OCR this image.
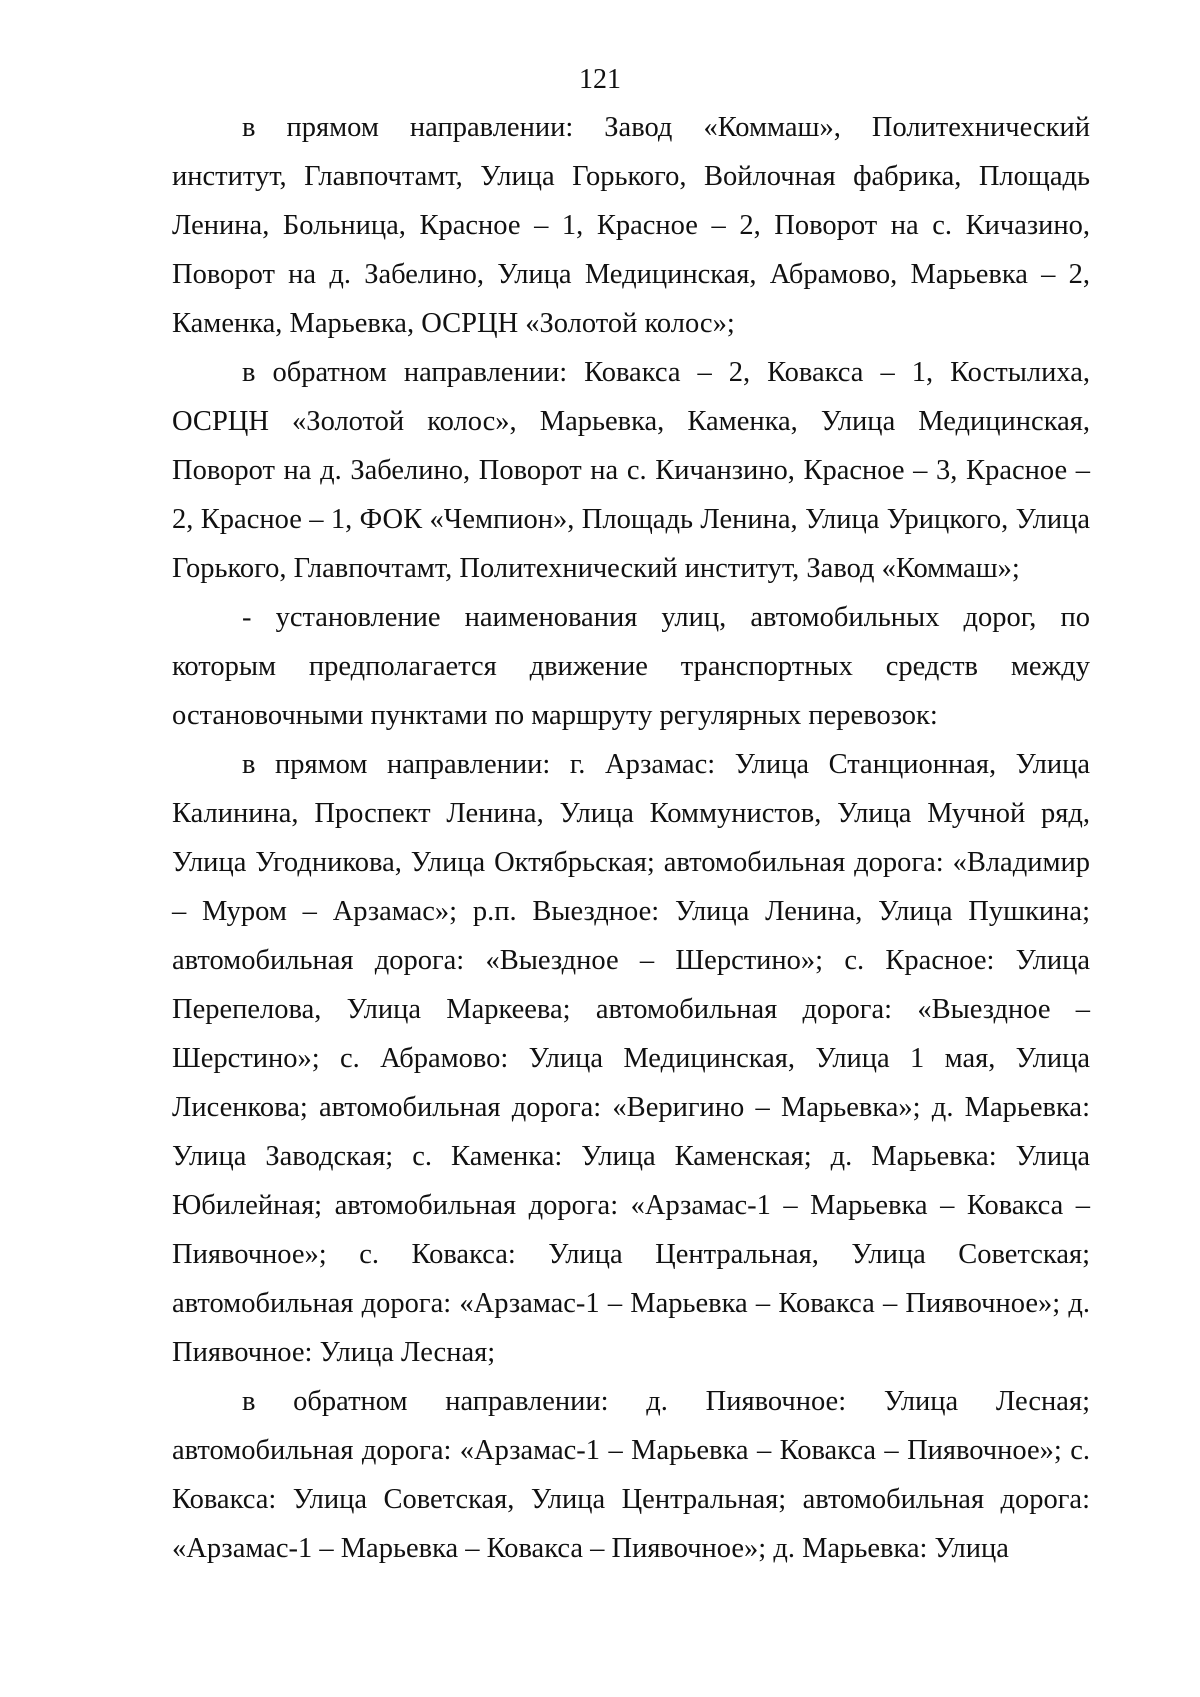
121

в прямом направлении: Завод «Коммаш», Политехнический институт, Главпочтамт, Улица Горького, Войлочная фабрика, Площадь Ленина, Больница, Красное – 1, Красное – 2, Поворот на с. Кичазино, Поворот на д. Забелино, Улица Медицинская, Абрамово, Марьевка – 2, Каменка, Марьевка, ОСРЦН «Золотой колос»;

в обратном направлении: Ковакса – 2, Ковакса – 1, Костылиха, ОСРЦН «Золотой колос», Марьевка, Каменка, Улица Медицинская, Поворот на д. Забелино, Поворот на с. Кичанзино, Красное – 3, Красное – 2, Красное – 1, ФОК «Чемпион», Площадь Ленина, Улица Урицкого, Улица Горького, Главпочтамт, Политехнический институт, Завод «Коммаш»;

- установление наименования улиц, автомобильных дорог, по которым предполагается движение транспортных средств между остановочными пунктами по маршруту регулярных перевозок:

в прямом направлении: г. Арзамас: Улица Станционная, Улица Калинина, Проспект Ленина, Улица Коммунистов, Улица Мучной ряд, Улица Угодникова, Улица Октябрьская; автомобильная дорога: «Владимир – Муром – Арзамас»; р.п. Выездное: Улица Ленина, Улица Пушкина; автомобильная дорога: «Выездное – Шерстино»; с. Красное: Улица Перепелова, Улица Маркеева; автомобильная дорога: «Выездное – Шерстино»; с. Абрамово: Улица Медицинская, Улица 1 мая, Улица Лисенкова; автомобильная дорога: «Веригино – Марьевка»; д. Марьевка: Улица Заводская; с. Каменка: Улица Каменская; д. Марьевка: Улица Юбилейная; автомобильная дорога: «Арзамас-1 – Марьевка – Ковакса – Пиявочное»; с. Ковакса: Улица Центральная, Улица Советская; автомобильная дорога: «Арзамас-1 – Марьевка – Ковакса – Пиявочное»; д. Пиявочное: Улица Лесная;

в обратном направлении: д. Пиявочное: Улица Лесная; автомобильная дорога: «Арзамас-1 – Марьевка – Ковакса – Пиявочное»; с. Ковакса: Улица Советская, Улица Центральная; автомобильная дорога: «Арзамас-1 – Марьевка – Ковакса – Пиявочное»; д. Марьевка: Улица
